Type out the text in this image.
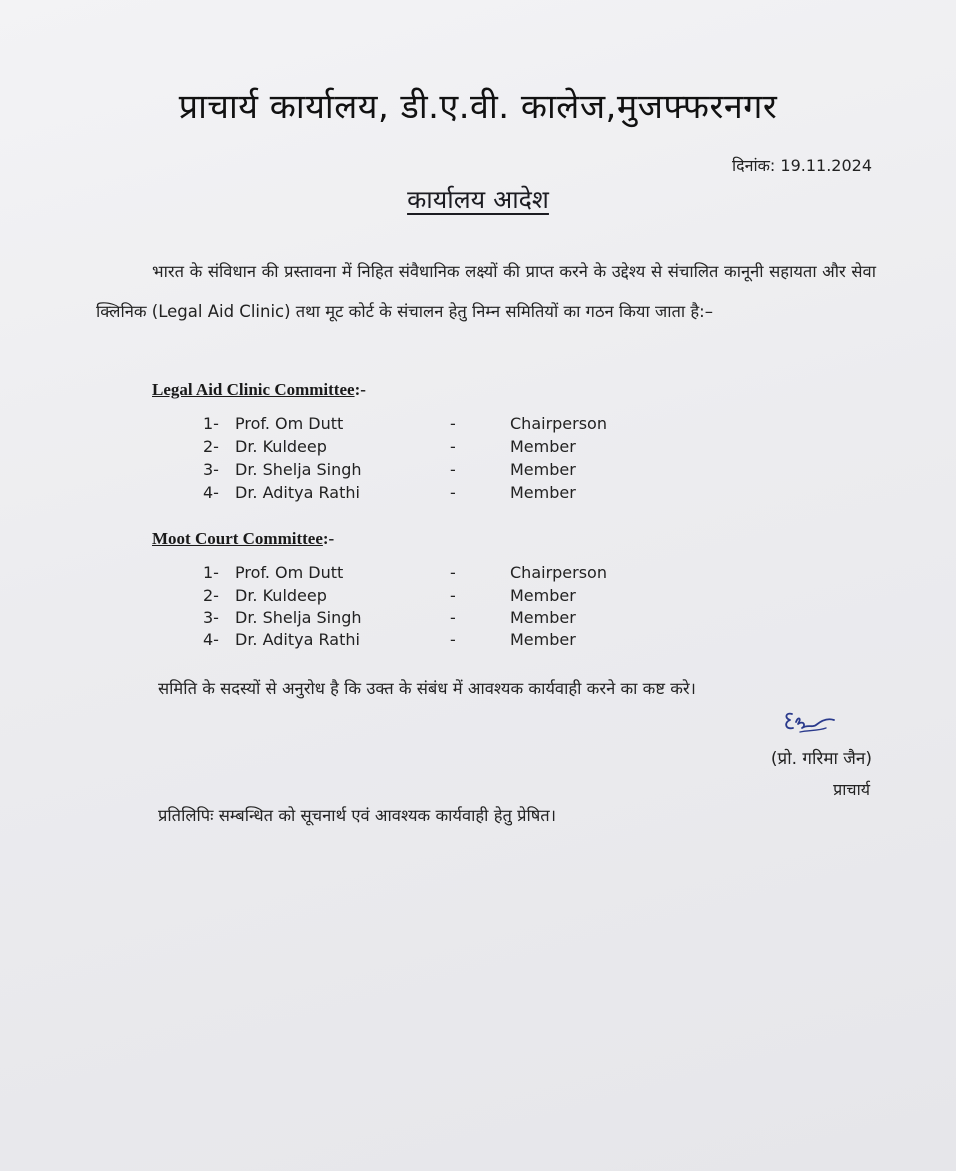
प्राचार्य कार्यालय, डी.ए.वी. कालेज,मुजफ्फरनगर
दिनांक: 19.11.2024
कार्यालय आदेश
भारत के संविधान की प्रस्तावना में निहित संवैधानिक लक्ष्यों की प्राप्त करने के उद्देश्य से संचालित कानूनी सहायता और सेवा क्लिनिक (Legal Aid Clinic) तथा मूट कोर्ट के संचालन हेतु निम्न समितियों का गठन किया जाता है:–
Legal Aid Clinic Committee:-
1- Prof. Om Dutt	-	Chairperson
2- Dr. Kuldeep	-	Member
3- Dr. Shelja Singh	-	Member
4- Dr. Aditya Rathi	-	Member
Moot Court Committee:-
1- Prof. Om Dutt	-	Chairperson
2- Dr. Kuldeep	-	Member
3- Dr. Shelja Singh	-	Member
4- Dr. Aditya Rathi	-	Member
समिति के सदस्यों से अनुरोध है कि उक्त के संबंध में आवश्यक कार्यवाही करने का कष्ट करे।
(प्रो. गरिमा जैन)
प्राचार्य
प्रतिलिपिः सम्बन्धित को सूचनार्थ एवं आवश्यक कार्यवाही हेतु प्रेषित।
